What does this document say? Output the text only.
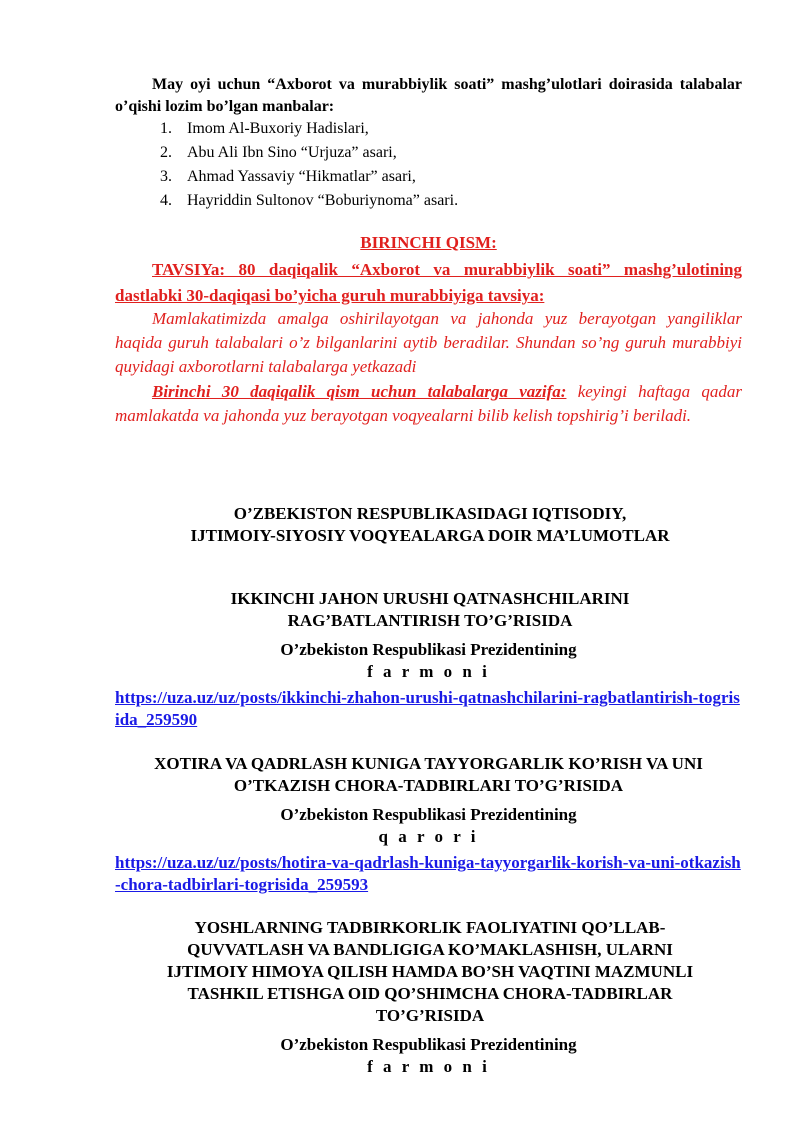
May oyi uchun “Axborot va murabbiylik soati” mashg’ulotlari doirasida talabalar o’qishi lozim bo’lgan manbalar:
1. Imom Al-Buxoriy Hadislari,
2. Abu Ali Ibn Sino “Urjuza” asari,
3. Ahmad Yassaviy “Hikmatlar” asari,
4. Hayriddin Sultonov “Boburiynoma” asari.
BIRINCHI QISM:
TAVSIYa: 80 daqiqalik “Axborot va murabbiylik soati” mashg’ulotining dastlabki 30-daqiqasi bo’yicha guruh murabbiyiga tavsiya:
Mamlakatimizda amalga oshirilayotgan va jahonda yuz berayotgan yangiliklar haqida guruh talabalari o’z bilganlarini aytib beradilar. Shundan so’ng guruh murabbiyi quyidagi axborotlarni talabalarga yetkazadi
Birinchi 30 daqiqalik qism uchun talabalarga vazifa: keyingi haftaga qadar mamlakatda va jahonda yuz berayotgan voqyealarni bilib kelish topshirig’i beriladi.
O’ZBEKISTON RESPUBLIKASIDAGI IQTISODIY, IJTIMOIY-SIYOSIY VOQYEALARGA DOIR MA’LUMOTLAR
IKKINCHI JAHON URUSHI QATNASHCHILARINI RAG’BATLANTIRISH TO’G’RISIDA
O’zbekiston Respublikasi Prezidentining
f a r m o n i
https://uza.uz/uz/posts/ikkinchi-zhahon-urushi-qatnashchilarini-ragbatlantirish-togrisida_259590
XOTIRA VA QADRLASH KUNIGA TAYYORGARLIK KO’RISH VA UNI O’TKAZISH CHORA-TADBIRLARI TO’G’RISIDA
O’zbekiston Respublikasi Prezidentining
q a r o r i
https://uza.uz/uz/posts/hotira-va-qadrlash-kuniga-tayyorgarlik-korish-va-uni-otkazish-chora-tadbirlari-togrisida_259593
YOSHLARNING TADBIRKORLIK FAOLIYATINI QO’LLAB-QUVVATLASH VA BANDLIGIGA KO’MAKLASHISH, ULARNI IJTIMOIY HIMOYA QILISH HAMDA BO’SH VAQTINI MAZMUNLI TASHKIL ETISHGA OID QO’SHIMCHA CHORA-TADBIRLAR TO’G’RISIDA
O’zbekiston Respublikasi Prezidentining
f a r m o n i
